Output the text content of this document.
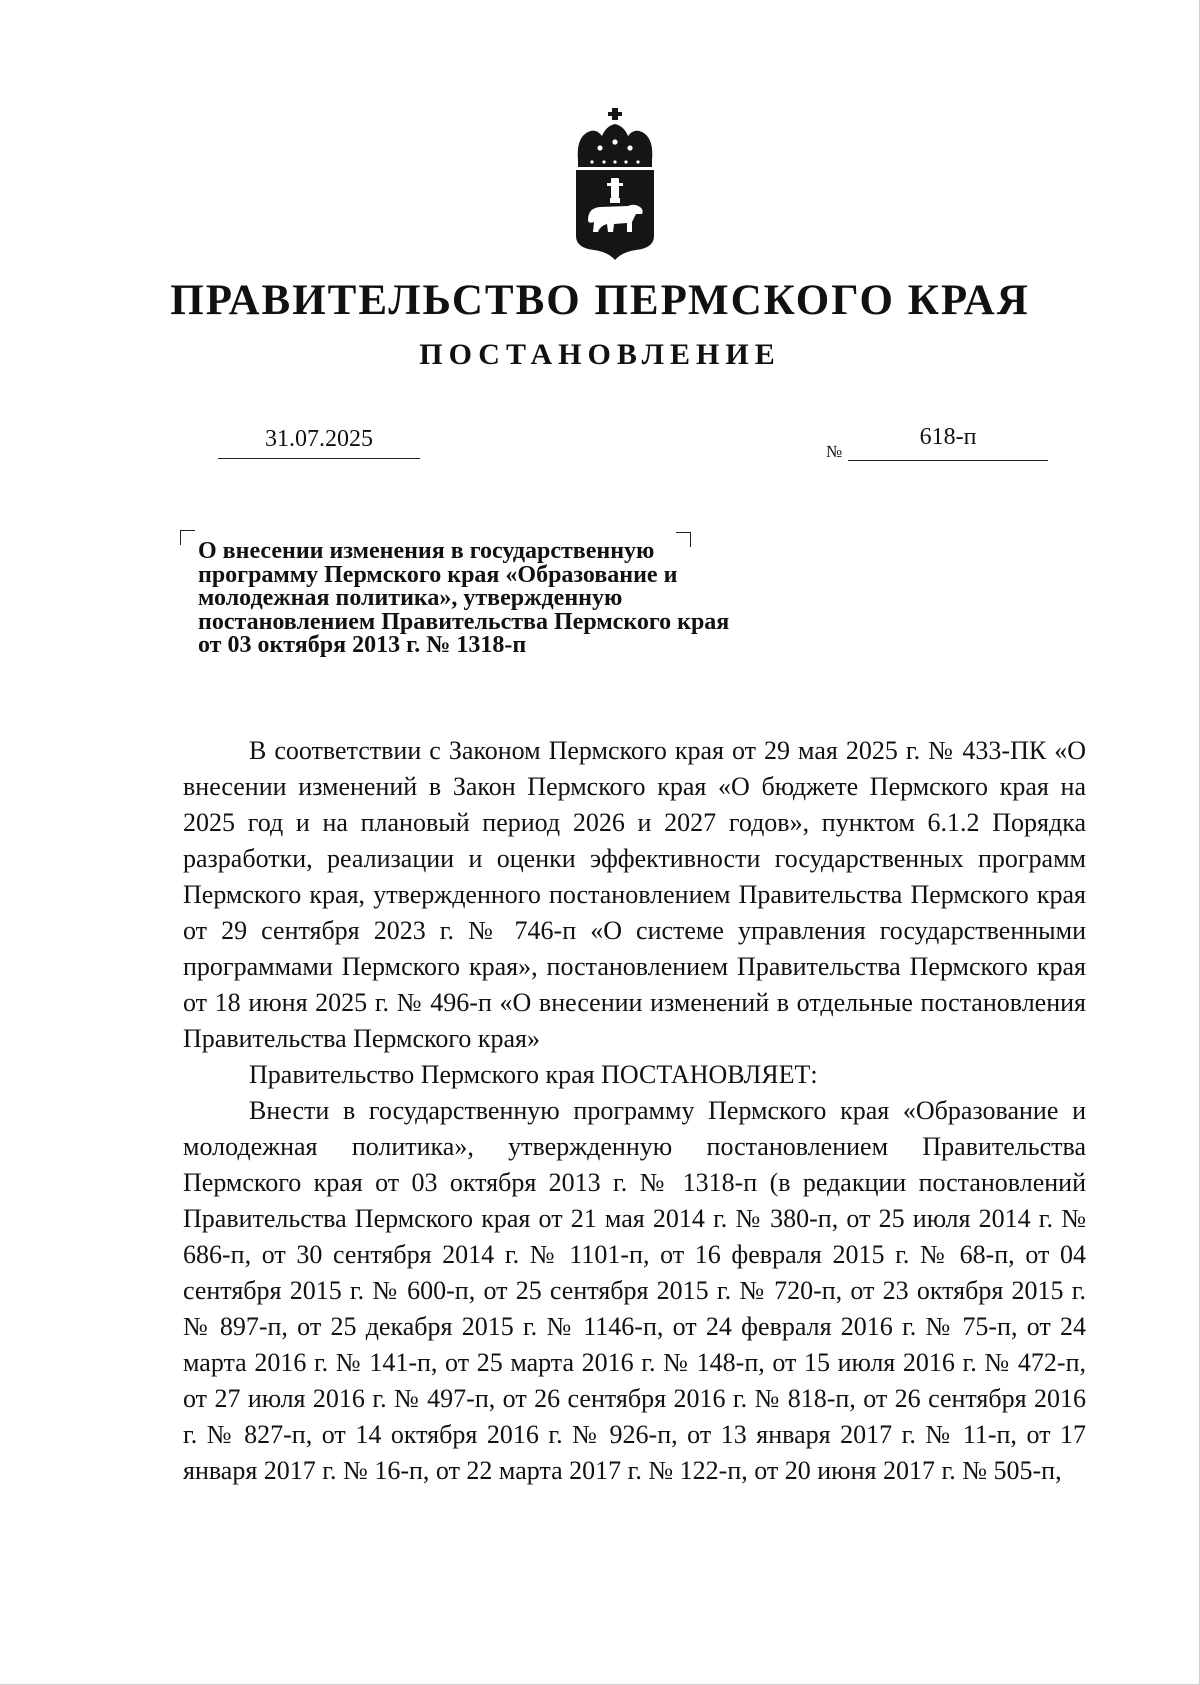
ПРАВИТЕЛЬСТВО ПЕРМСКОГО КРАЯ
ПОСТАНОВЛЕНИЕ
31.07.2025	№
618-п
О внесении изменения в государственную программу Пермского края «Образование и молодежная политика», утвержденную постановлением Правительства Пермского края от 03 октября 2013 г. № 1318-п

В соответствии с Законом Пермского края от 29 мая 2025 г. № 433-ПК «О внесении изменений в Закон Пермского края «О бюджете Пермского края на 2025 год и на плановый период 2026 и 2027 годов», пунктом 6.1.2 Порядка разработки, реализации и оценки эффективности государственных программ Пермского края, утвержденного постановлением Правительства Пермского края от 29 сентября 2023 г. № 746-п «О системе управления государственными программами Пермского края», постановлением Правительства Пермского края от 18 июня 2025 г. № 496-п «О внесении изменений в отдельные постановления Правительства Пермского края»

Правительство Пермского края ПОСТАНОВЛЯЕТ:

Внести в государственную программу Пермского края «Образование и молодежная политика», утвержденную постановлением Правительства Пермского края от 03 октября 2013 г. № 1318-п (в редакции постановлений Правительства Пермского края от 21 мая 2014 г. № 380-п, от 25 июля 2014 г. № 686-п, от 30 сентября 2014 г. № 1101-п, от 16 февраля 2015 г. № 68-п, от 04 сентября 2015 г. № 600-п, от 25 сентября 2015 г. № 720-п, от 23 октября 2015 г. № 897-п, от 25 декабря 2015 г. № 1146-п, от 24 февраля 2016 г. № 75-п, от 24 марта 2016 г. № 141-п, от 25 марта 2016 г. № 148-п, от 15 июля 2016 г. № 472-п, от 27 июля 2016 г. № 497-п, от 26 сентября 2016 г. № 818-п, от 26 сентября 2016 г. № 827-п, от 14 октября 2016 г. № 926-п, от 13 января 2017 г. № 11-п, от 17 января 2017 г. № 16-п, от 22 марта 2017 г. № 122-п, от 20 июня 2017 г. № 505-п,
